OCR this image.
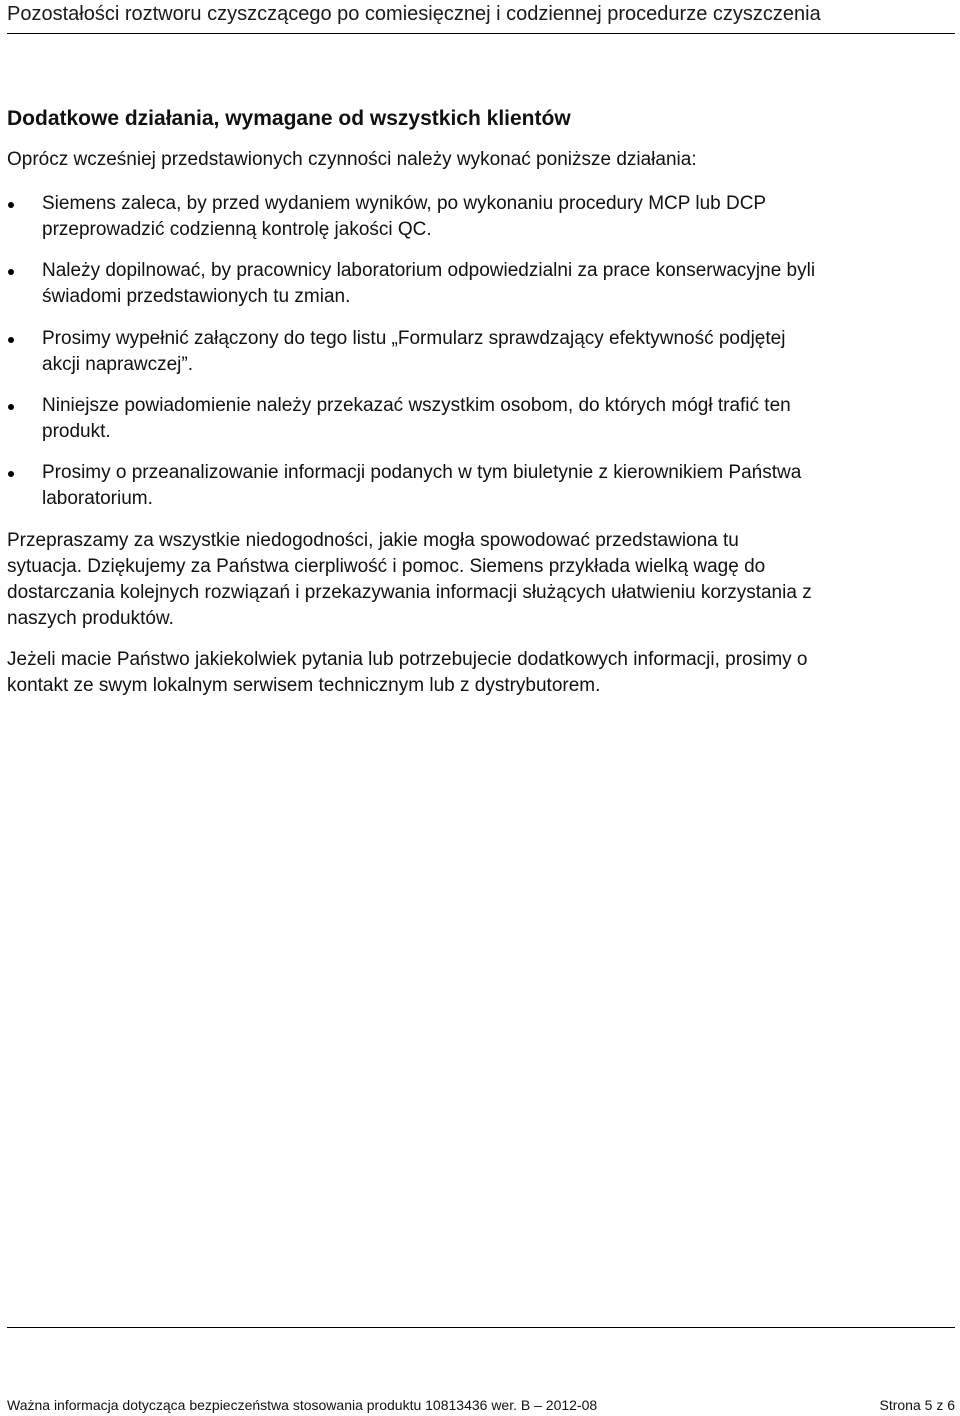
Pozostałości roztworu czyszczącego po comiesięcznej i codziennej procedurze czyszczenia
Dodatkowe działania, wymagane od wszystkich klientów
Oprócz wcześniej przedstawionych czynności należy wykonać poniższe działania:
Siemens zaleca, by przed wydaniem wyników, po wykonaniu procedury MCP lub DCP
przeprowadzić codzienną kontrolę jakości QC.
Należy dopilnować, by pracownicy laboratorium odpowiedzialni za prace konserwacyjne byli
świadomi przedstawionych tu zmian.
Prosimy wypełnić załączony do tego listu „Formularz sprawdzający efektywność podjętej
akcji naprawczej”.
Niniejsze powiadomienie należy przekazać wszystkim osobom, do których mógł trafić ten
produkt.
Prosimy o przeanalizowanie informacji podanych w tym biuletynie z kierownikiem Państwa
laboratorium.
Przepraszamy za wszystkie niedogodności, jakie mogła spowodować przedstawiona tu
sytuacja. Dziękujemy za Państwa cierpliwość i pomoc. Siemens przykłada wielką wagę do
dostarczania kolejnych rozwiązań i przekazywania informacji służących ułatwieniu korzystania z
naszych produktów.
Jeżeli macie Państwo jakiekolwiek pytania lub potrzebujecie dodatkowych informacji, prosimy o
kontakt ze swym lokalnym serwisem technicznym lub z dystrybutorem.
Ważna informacja dotycząca bezpieczeństwa stosowania produktu 10813436 wer. B – 2012-08	Strona 5 z 6
